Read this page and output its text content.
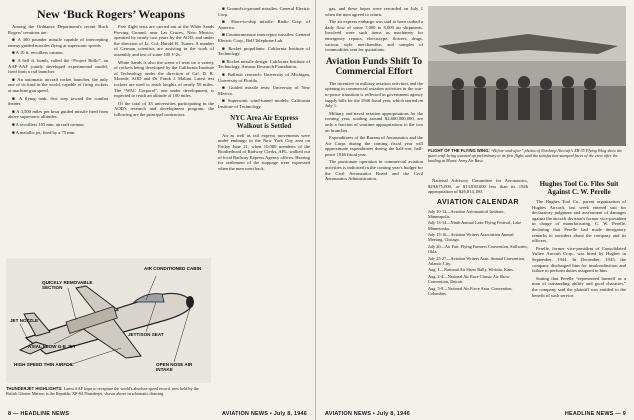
New ‘Buck Rogers’ Weapons

Among the Ordnance Department's recent Buck Rogers' creations are:

■ A 300 pounder missile capable of intercepting enemy guided missiles flying at supersonic speeds.

■ A 10 ft. recoilless cannon.

■ A 6x8 ft. bomb, called the “Project Rollo”, an AAF-AAF jointly developed experimental model, fired from a rail launcher.

■ An automatic aircraft rocket launcher, the only one of its kind in the world, capable of firing rockets at machine gun speed.

■ A flying tank, first step toward the combat theater.

■ A 3,500 miles per hour guided missile fired from above supersonic altitudes.

■ A recoilless 105 mm. aircraft cannon.

■ A metallic jet, fired by a 75 mm.

Free flight tests are carried out at the White Sands Proving Ground, near Las Cruces, New Mexico, operated by nearly two years by the AOD, and under the direction of Lt. Col. Harold R. Turner. A number of German scientists are assisting in the work of assembly and test of some 100 V-2s.

White Sands is also the scene of tests on a variety of rockets being developed by the California Institute of Technology under the direction of Cal. D. R. Mosede, AOD and Dr. Frank J. Malina. Latest test rockets are used to reach heights of nearly 50 miles. The “WAC Corporal”, one under development, is expected to reach an altitude of 100 miles.

Of the total of 33 universities participating in the AOD's research and development program, the following are the principal contractors.

■ Ground-to-ground missiles: General Electric Corp.

■ Shore-to-ship missile: Radio Corp. of America.

■ Countermeasure interceptor missiles: General Electric Corp., Bell Telephone Lab.

■ Rocket propellants: California Institute of Technology.

■ Rocket missile design: California Institute of Technology, Armour Research Foundation.

■ Ballistic research: University of Michigan, University of Florida.

■ Guided missile tests: University of New Mexico.

■ Supersonic wind-tunnel models: California Institute of Technology.

NYC Area Air Express Walkout is Settled

Air as well as rail express movements were under embargo in the New York City area on Friday June 21, when 10,000 members of the Brotherhood of Railway Clerks, AFL, walked out of local Railway Express Agency offices. Hearing for settlement of the stoppage were expressed when the men went back.

JET NOZZLE
QUICKLY REMOVABLE SECTION
AIR CONDITIONED CABIN
AXIAL FLOW G-E JET
JETTISON SEAT
HIGH SPEED THIN AIRFOIL	OPEN NOSE AIR INTAKE
THUNDERJET HIGHLIGHTS: Latest AAF hope to recapture the world's absolute speed record, now held by the British Gloster Meteor, is the Republic XP-84 Thunderjet, shown above in schematic drawing.
8 — HEADLINE NEWS	AVIATION NEWS • July 8, 1946	AVIATION NEWS • July 8, 1946	HEADLINE NEWS — 9

gas, and these hopes were rewarded on July 1 when the men agreed to return.

The air express embargo was said to have curbed a daily flow of some 7,000 to 8,000 air shipments. Involved were such items as machinery for emergency repairs, electrotype, flowers, drugs, various style merchandise, and samples of commodities sent for quotations.

Aviation Funds Shift To Commercial Effort

The incentive in military aviation activities and the opening in commercial aviation activities in the war-to-peace transition is reflected in government agency supply bills for the 1946 fiscal year, which started on July 1.

Military and naval aviation appropriations for the coming year, totaling around $2,600,000,000, are only a fraction of wartime appropriations to the two air branches.

Expenditures of the Bureau of Aeronautics and the Air Corps during the coming fiscal year will approximate expenditures during the half-war, half-peace 1946 fiscal year.

The passionate operation in commercial aviation activities is indicated in the coming year's budget for the Civil Aeronautics Board and the Civil Aeronautics Administration.

FLIGHT OF THE FLYING WING: “Before-and-after” photos of Northrop Aircraft's XB-35 Flying Wing show the giant craft being warmed up preliminary to its first flight, and the satisfaction-stamped faces of the crew after the landing at Muroc Army Air Base.

National Advisory Committee for Aeronautics, $29,675,000, or $13,830,000 less than its 1946 appropriation of $26,814,180.

AVIATION CALENDAR
July 10-12—Aviation Aeronautical Institute, Minneapolis.
July 13-14—Ninth Annual Lake Flying Festival, Lake Minnetonka.
July 15-16—Aviation Writers Association Annual Meeting, Chicago.
July 20—Air Fair, Flying Farmers Convention, Stillwater, Okla.
July 25-27—Aviation Writers Assn. Annual Convention, Atlantic City.
Aug. 1—National Air Show Rally, Wichita, Kans.
Aug. 2-4—National Air Race Classic Air Show Convention, Detroit.
Aug. 5-8—National Air Force Assn. Convention, Columbus.
Hughes Tool Co. Files Suit Against C. W. Perelle

The Hughes Tool Co., parent organization of Hughes Aircraft, last week entered suit for declaratory judgment and assessment of damages against the aircraft division's former vice-president in charge of manufacturing, C. W. Perelle, declaring that Perelle had made derogatory remarks to outsiders about the company and its officers.

Perelle, former vice-president of Consolidated Vultee Aircraft Corp., was hired by Hughes in September, 1944. In December, 1945, the company discharged him for insubordination and failure to perform duties assigned to him.

Stating that Perelle “represented himself as a man of outstanding ability and good character,” the company said the plaintiff was entitled to the benefit of such service.
